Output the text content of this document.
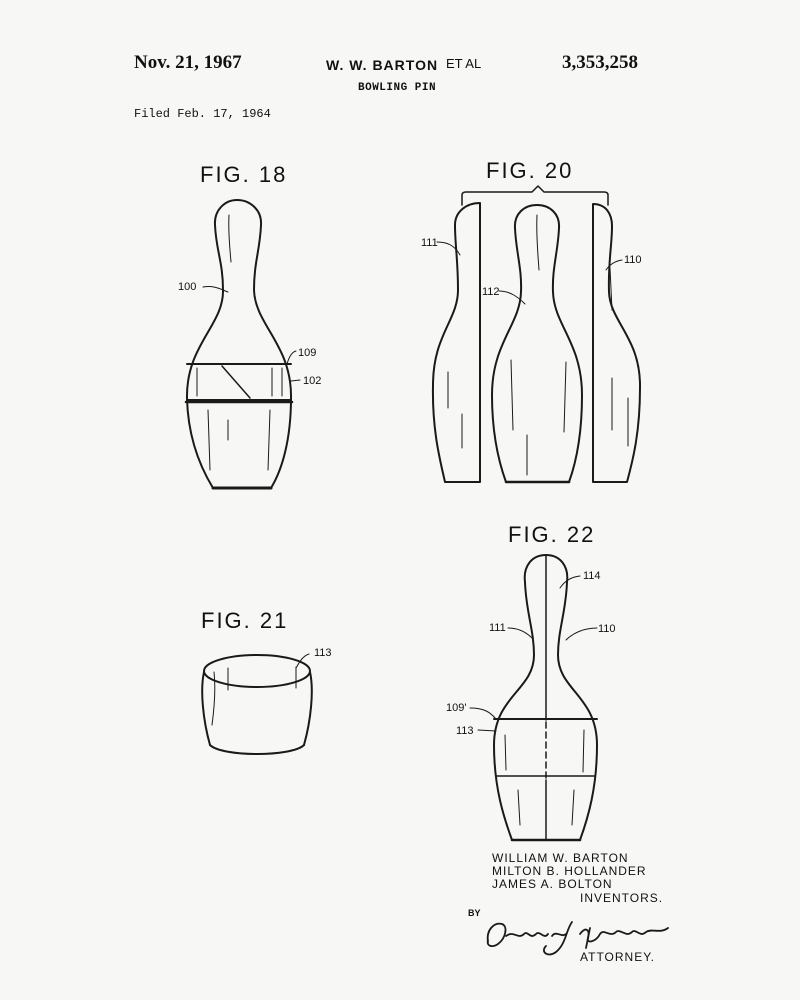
Nov. 21, 1967	W. W. BARTON ET AL	3,353,258
BOWLING PIN
Filed Feb. 17, 1964
FIG. 18	FIG. 20
FIG. 21
FIG. 22
100
109
102
111
112
110
113
114
111	110
109'
113
WILLIAM W. BARTON
MILTON B. HOLLANDER
JAMES A. BOLTON
INVENTORS.
BY
ATTORNEY.
